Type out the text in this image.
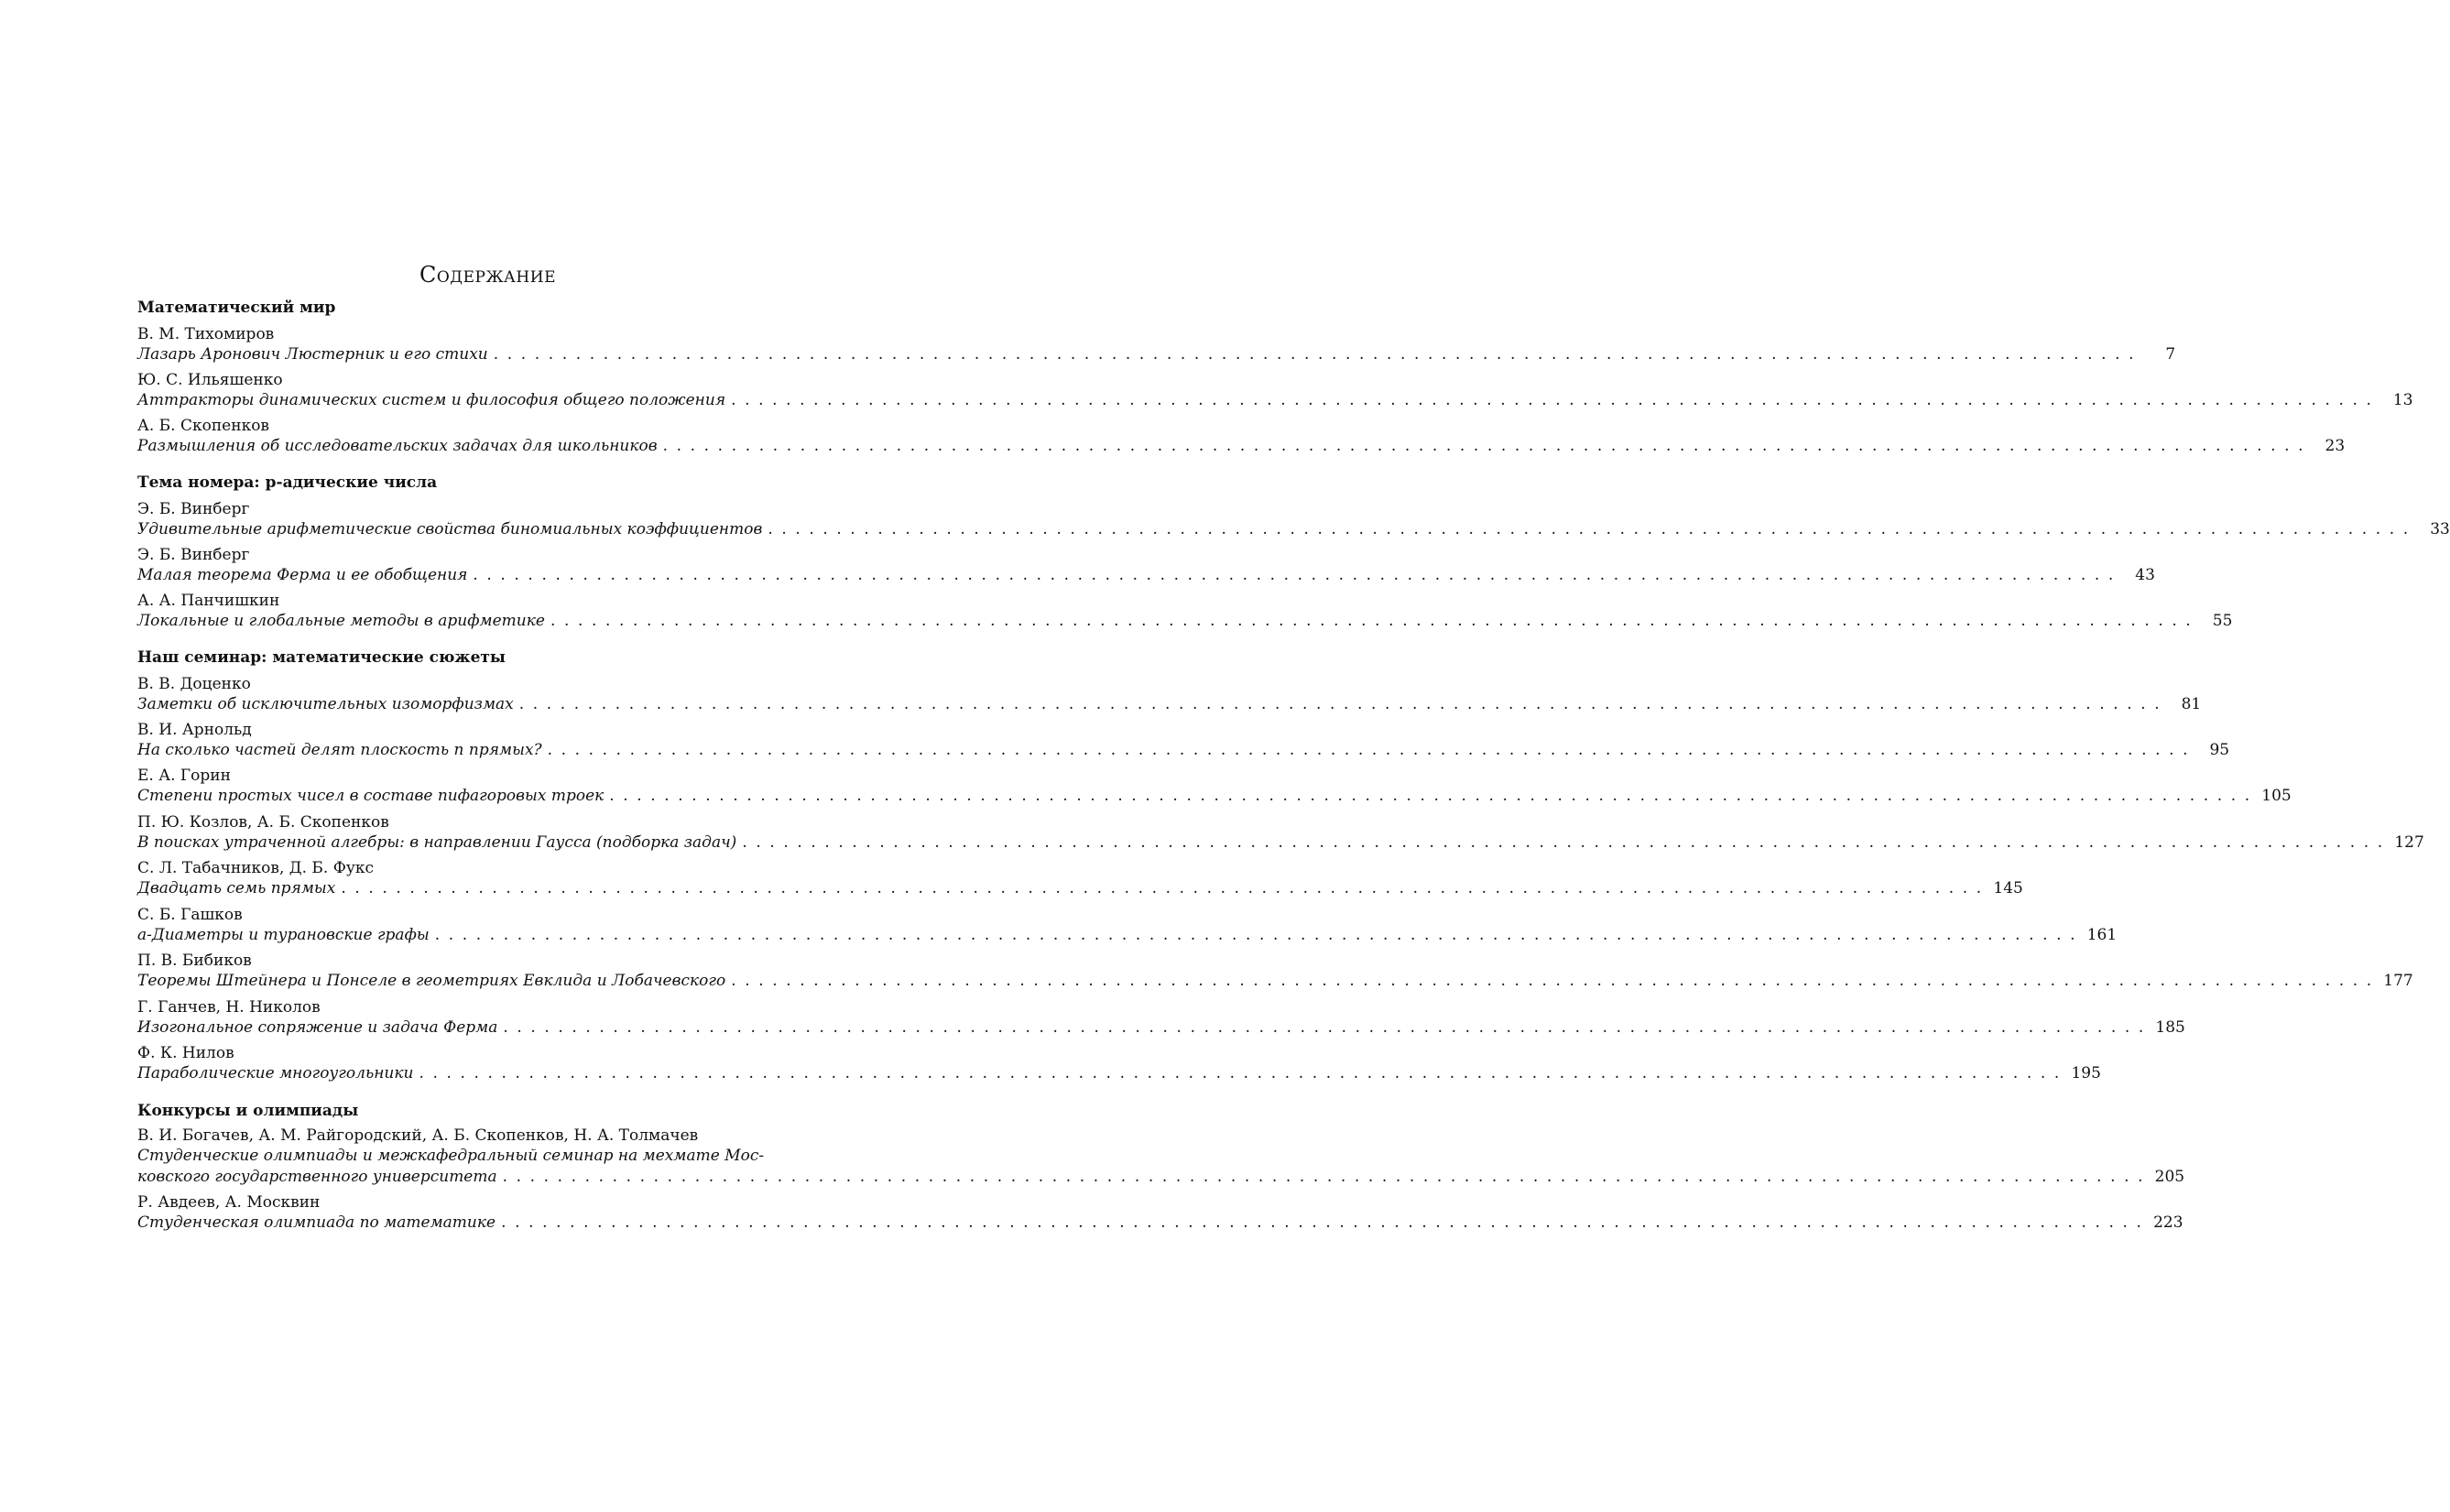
Содержание
Математический мир
В. М. Тихомиров
Лазарь Аронович Люстерник и его стихи ........................................................................................................................	7
Ю. С. Ильяшенко
Аттракторы динамических систем и философия общего положения ........................................................................................................................ 13
А. Б. Скопенков
Размышления об исследовательских задачах для школьников ........................................................................................................................ 23
Тема номера: p-адические числа
Э. Б. Винберг
Удивительные арифметические свойства биномиальных коэффициентов ........................................................................................................................ 33
Э. Б. Винберг
Малая теорема Ферма и ее обобщения ........................................................................................................................ 43
А. А. Панчишкин
Локальные и глобальные методы в арифметике ........................................................................................................................ 55
Наш семинар: математические сюжеты
В. В. Доценко
Заметки об исключительных изоморфизмах ........................................................................................................................ 81
В. И. Арнольд
На сколько частей делят плоскость n прямых? ........................................................................................................................ 95
Е. А. Горин
Степени простых чисел в составе пифагоровых троек ........................................................................................................................ 105
П. Ю. Козлов, А. Б. Скопенков
В поисках утраченной алгебры: в направлении Гаусса (подборка задач) ........................................................................................................................ 127
С. Л. Табачников, Д. Б. Фукс
Двадцать семь прямых ........................................................................................................................ 145
С. Б. Гашков
a-Диаметры и турановские графы ........................................................................................................................ 161
П. В. Бибиков
Теоремы Штейнера и Понселе в геометриях Евклида и Лобачевского ........................................................................................................................ 177
Г. Ганчев, Н. Николов
Изогональное сопряжение и задача Ферма ........................................................................................................................ 185
Ф. К. Нилов
Параболические многоугольники ........................................................................................................................ 195
Конкурсы и олимпиады
В. И. Богачев, А. М. Райгородский, А. Б. Скопенков, Н. А. Толмачев
Студенческие олимпиады и межкафедральный семинар на мехмате Мос-
ковского государственного университета ........................................................................................................................ 205
Р. Авдеев, А. Москвин
Студенческая олимпиада по математике ........................................................................................................................ 223
